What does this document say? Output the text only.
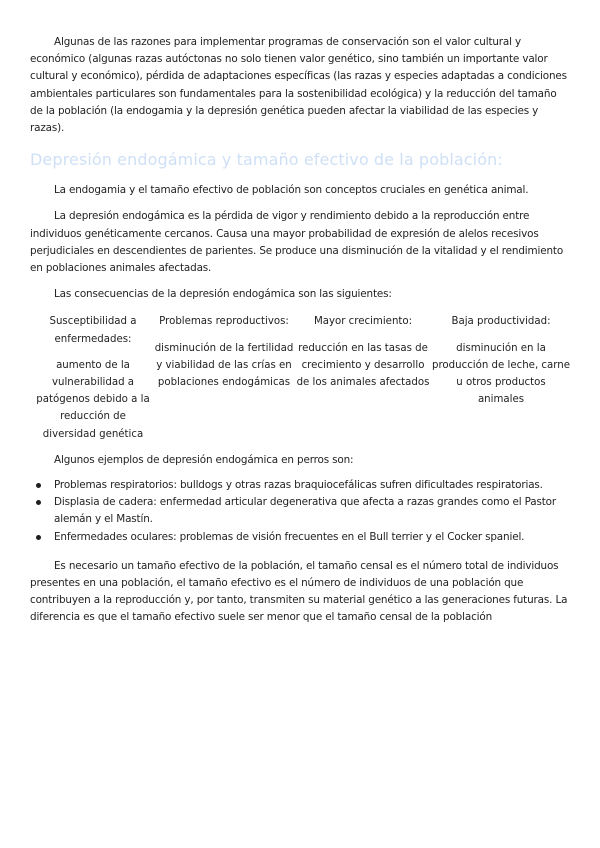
Algunas de las razones para implementar programas de conservación son el valor cultural y económico (algunas razas autóctonas no solo tienen valor genético, sino también un importante valor cultural y económico), pérdida de adaptaciones específicas (las razas y especies adaptadas a condiciones ambientales particulares son fundamentales para la sostenibilidad ecológica) y la reducción del tamaño de la población (la endogamia y la depresión genética pueden afectar la viabilidad de las especies y razas).

Depresión endogámica y tamaño efectivo de la población:

La endogamia y el tamaño efectivo de población son conceptos cruciales en genética animal.

La depresión endogámica es la pérdida de vigor y rendimiento debido a la reproducción entre individuos genéticamente cercanos. Causa una mayor probabilidad de expresión de alelos recesivos perjudiciales en descendientes de parientes. Se produce una disminución de la vitalidad y el rendimiento en poblaciones animales afectadas.

Las consecuencias de la depresión endogámica son las siguientes:

Susceptibilidad a enfermedades:
aumento de la vulnerabilidad a patógenos debido a la reducción de diversidad genética
Problemas reproductivos:
disminución de la fertilidad y viabilidad de las crías en poblaciones endogámicas
Mayor crecimiento:
reducción en las tasas de crecimiento y desarrollo de los animales afectados
Baja productividad:
disminución en la producción de leche, carne u otros productos animales

Algunos ejemplos de depresión endogámica en perros son:

Problemas respiratorios: bulldogs y otras razas braquiocefálicas sufren dificultades respiratorias.
Displasia de cadera: enfermedad articular degenerativa que afecta a razas grandes como el Pastor alemán y el Mastín.
Enfermedades oculares: problemas de visión frecuentes en el Bull terrier y el Cocker spaniel.

Es necesario un tamaño efectivo de la población, el tamaño censal es el número total de individuos presentes en una población, el tamaño efectivo es el número de individuos de una población que contribuyen a la reproducción y, por tanto, transmiten su material genético a las generaciones futuras. La diferencia es que el tamaño efectivo suele ser menor que el tamaño censal de la población
